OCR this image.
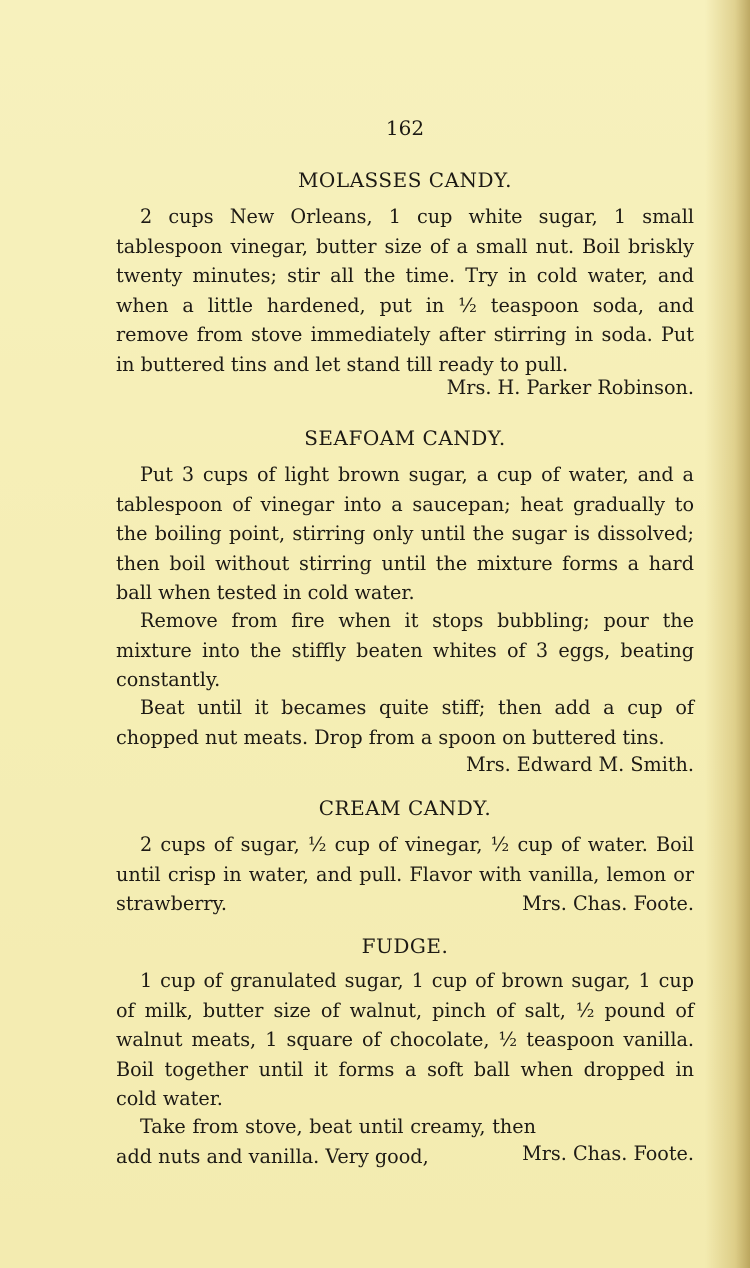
162
MOLASSES CANDY.
2 cups New Orleans, 1 cup white sugar, 1 small tablespoon vinegar, butter size of a small nut. Boil briskly twenty minutes; stir all the time. Try in cold water, and when a little hardened, put in ½ teaspoon soda, and remove from stove immediately after stirring in soda. Put in buttered tins and let stand till ready to pull.
Mrs. H. Parker Robinson.
SEAFOAM CANDY.
Put 3 cups of light brown sugar, a cup of water, and a tablespoon of vinegar into a saucepan; heat gradually to the boiling point, stirring only until the sugar is dissolved; then boil without stirring until the mixture forms a hard ball when tested in cold water.
Remove from fire when it stops bubbling; pour the mixture into the stiffly beaten whites of 3 eggs, beating constantly.
Beat until it becames quite stiff; then add a cup of chopped nut meats. Drop from a spoon on buttered tins.
Mrs. Edward M. Smith.
CREAM CANDY.
2 cups of sugar, ½ cup of vinegar, ½ cup of water. Boil until crisp in water, and pull. Flavor with vanilla, lemon or strawberry.	Mrs. Chas. Foote.
FUDGE.
1 cup of granulated sugar, 1 cup of brown sugar, 1 cup of milk, butter size of walnut, pinch of salt, ½ pound of walnut meats, 1 square of chocolate, ½ teaspoon vanilla. Boil together until it forms a soft ball when dropped in cold water.
Take from stove, beat until creamy, then add nuts and vanilla. Very good,	Mrs. Chas. Foote.
